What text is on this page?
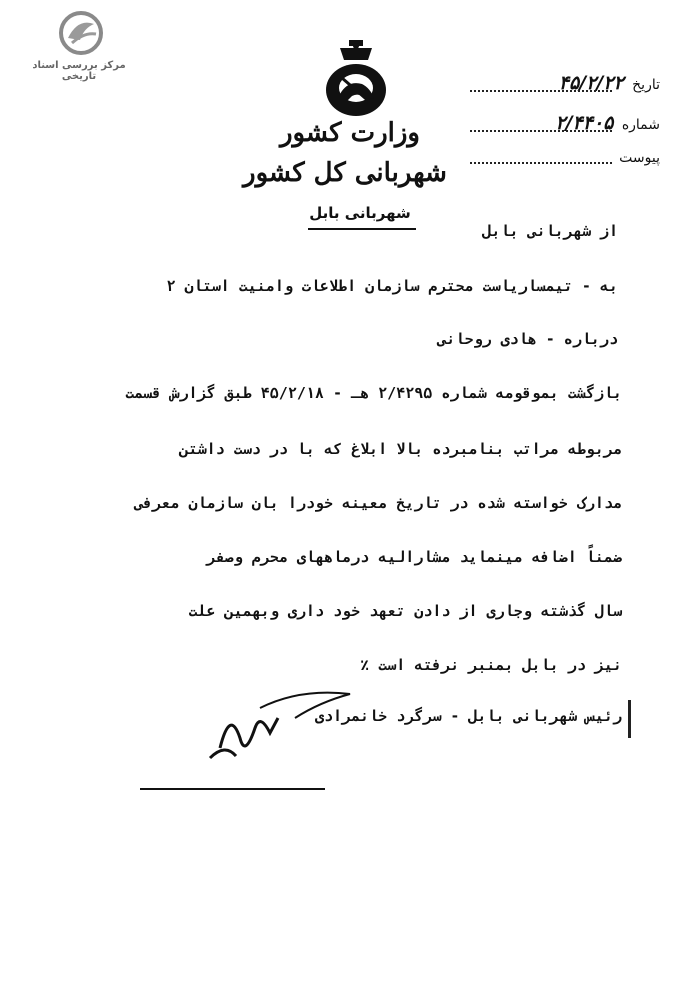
مرکز بررسی اسناد تاریخی
وزارت کشور
شهربانی کل کشور
شهربانی بابل
تاریخ ۴۵/۲/۲۲
شماره ۲/۴۴۰۵
پیوست
از شهربانی بابل
به - تیمساریاست محترم سازمان اطلاعات وامنیت استان ۲
درباره - هادی روحانی
بازگشت بموقومه شماره ۲/۴۲۹۵ هـ - ۴۵/۲/۱۸ طبق گزارش قسمت
مربوطه مراتب بنامبرده بالا ابلاغ که با در دست داشتن
مدارک خواسته شده در تاریخ معینه خودرا بان سازمان معرفی
ضمناً اضافه مینماید مشارالیه درماههای محرم وصفر
سال گذشته وجاری از دادن تعهد خود داری وبهمین علت
نیز در بابل بمنبر نرفته است ٪
رئیس شهربانی بابل - سرگرد خانمرادی
